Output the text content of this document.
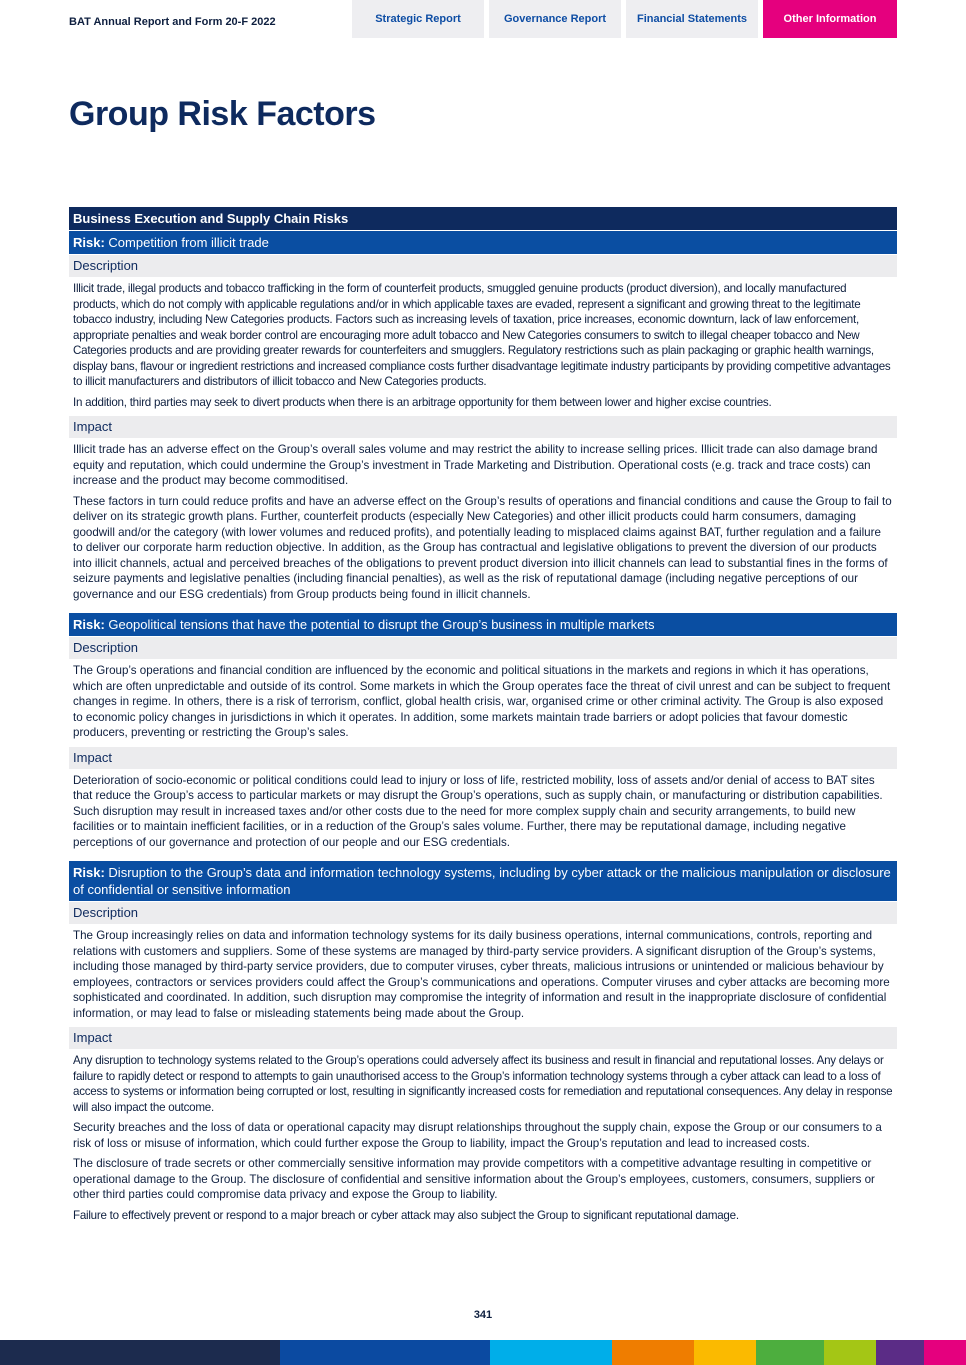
BAT Annual Report and Form 20-F 2022	Strategic Report	Governance Report	Financial Statements	Other Information
Group Risk Factors
Business Execution and Supply Chain Risks
Risk: Competition from illicit trade
Description

Illicit trade, illegal products and tobacco trafficking in the form of counterfeit products, smuggled genuine products (product diversion), and locally manufactured products, which do not comply with applicable regulations and/or in which applicable taxes are evaded, represent a significant and growing threat to the legitimate tobacco industry, including New Categories products. Factors such as increasing levels of taxation, price increases, economic downturn, lack of law enforcement, appropriate penalties and weak border control are encouraging more adult tobacco and New Categories consumers to switch to illegal cheaper tobacco and New Categories products and are providing greater rewards for counterfeiters and smugglers. Regulatory restrictions such as plain packaging or graphic health warnings, display bans, flavour or ingredient restrictions and increased compliance costs further disadvantage legitimate industry participants by providing competitive advantages to illicit manufacturers and distributors of illicit tobacco and New Categories products.

In addition, third parties may seek to divert products when there is an arbitrage opportunity for them between lower and higher excise countries.

Impact

Illicit trade has an adverse effect on the Group’s overall sales volume and may restrict the ability to increase selling prices. Illicit trade can also damage brand equity and reputation, which could undermine the Group’s investment in Trade Marketing and Distribution. Operational costs (e.g. track and trace costs) can increase and the product may become commoditised.

These factors in turn could reduce profits and have an adverse effect on the Group’s results of operations and financial conditions and cause the Group to fail to deliver on its strategic growth plans. Further, counterfeit products (especially New Categories) and other illicit products could harm consumers, damaging goodwill and/or the category (with lower volumes and reduced profits), and potentially leading to misplaced claims against BAT, further regulation and a failure to deliver our corporate harm reduction objective. In addition, as the Group has contractual and legislative obligations to prevent the diversion of our products into illicit channels, actual and perceived breaches of the obligations to prevent product diversion into illicit channels can lead to substantial fines in the forms of seizure payments and legislative penalties (including financial penalties), as well as the risk of reputational damage (including negative perceptions of our governance and our ESG credentials) from Group products being found in illicit channels.

Risk: Geopolitical tensions that have the potential to disrupt the Group’s business in multiple markets
Description

The Group’s operations and financial condition are influenced by the economic and political situations in the markets and regions in which it has operations, which are often unpredictable and outside of its control. Some markets in which the Group operates face the threat of civil unrest and can be subject to frequent changes in regime. In others, there is a risk of terrorism, conflict, global health crisis, war, organised crime or other criminal activity. The Group is also exposed to economic policy changes in jurisdictions in which it operates. In addition, some markets maintain trade barriers or adopt policies that favour domestic producers, preventing or restricting the Group’s sales.

Impact

Deterioration of socio-economic or political conditions could lead to injury or loss of life, restricted mobility, loss of assets and/or denial of access to BAT sites that reduce the Group’s access to particular markets or may disrupt the Group’s operations, such as supply chain, or manufacturing or distribution capabilities. Such disruption may result in increased taxes and/or other costs due to the need for more complex supply chain and security arrangements, to build new facilities or to maintain inefficient facilities, or in a reduction of the Group’s sales volume. Further, there may be reputational damage, including negative perceptions of our governance and protection of our people and our ESG credentials.

Risk: Disruption to the Group’s data and information technology systems, including by cyber attack or the malicious manipulation or disclosure of confidential or sensitive information
Description

The Group increasingly relies on data and information technology systems for its daily business operations, internal communications, controls, reporting and relations with customers and suppliers. Some of these systems are managed by third-party service providers. A significant disruption of the Group’s systems, including those managed by third-party service providers, due to computer viruses, cyber threats, malicious intrusions or unintended or malicious behaviour by employees, contractors or services providers could affect the Group’s communications and operations. Computer viruses and cyber attacks are becoming more sophisticated and coordinated. In addition, such disruption may compromise the integrity of information and result in the inappropriate disclosure of confidential information, or may lead to false or misleading statements being made about the Group.

Impact

Any disruption to technology systems related to the Group’s operations could adversely affect its business and result in financial and reputational losses. Any delays or failure to rapidly detect or respond to attempts to gain unauthorised access to the Group’s information technology systems through a cyber attack can lead to a loss of access to systems or information being corrupted or lost, resulting in significantly increased costs for remediation and reputational consequences. Any delay in response will also impact the outcome.

Security breaches and the loss of data or operational capacity may disrupt relationships throughout the supply chain, expose the Group or our consumers to a risk of loss or misuse of information, which could further expose the Group to liability, impact the Group’s reputation and lead to increased costs.

The disclosure of trade secrets or other commercially sensitive information may provide competitors with a competitive advantage resulting in competitive or operational damage to the Group. The disclosure of confidential and sensitive information about the Group’s employees, customers, consumers, suppliers or other third parties could compromise data privacy and expose the Group to liability.

Failure to effectively prevent or respond to a major breach or cyber attack may also subject the Group to significant reputational damage.

341
